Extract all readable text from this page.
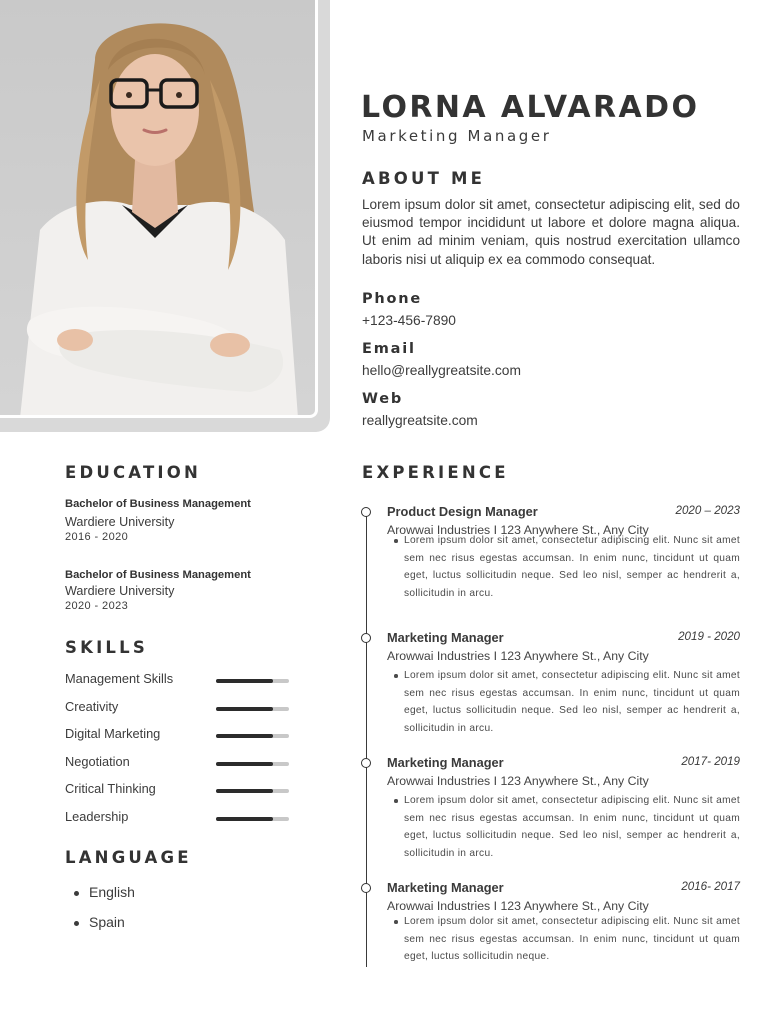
LORNA ALVARADO
Marketing Manager
ABOUT ME

Lorem ipsum dolor sit amet, consectetur adipiscing elit, sed do eiusmod tempor incididunt ut labore et dolore magna aliqua. Ut enim ad minim veniam, quis nostrud exercitation ullamco laboris nisi ut aliquip ex ea commodo consequat.

Phone
+123-456-7890
Email
hello@reallygreatsite.com
Web
reallygreatsite.com
EDUCATION
Bachelor of Business Management
Wardiere University
2016 - 2020
Bachelor of Business Management
Wardiere University
2020 - 2023
SKILLS
Management Skills
Creativity
Digital Marketing
Negotiation
Critical Thinking
Leadership
LANGUAGE
English
Spain
EXPERIENCE
Product Design Manager	2020 – 2023
Arowwai Industries I 123 Anywhere St., Any City

Lorem ipsum dolor sit amet, consectetur adipiscing elit. Nunc sit amet sem nec risus egestas accumsan. In enim nunc, tincidunt ut quam eget, luctus sollicitudin neque. Sed leo nisl, semper ac hendrerit a, sollicitudin in arcu.

Marketing Manager	2019 - 2020
Arowwai Industries I 123 Anywhere St., Any City

Lorem ipsum dolor sit amet, consectetur adipiscing elit. Nunc sit amet sem nec risus egestas accumsan. In enim nunc, tincidunt ut quam eget, luctus sollicitudin neque. Sed leo nisl, semper ac hendrerit a, sollicitudin in arcu.

Marketing Manager	2017- 2019
Arowwai Industries I 123 Anywhere St., Any City

Lorem ipsum dolor sit amet, consectetur adipiscing elit. Nunc sit amet sem nec risus egestas accumsan. In enim nunc, tincidunt ut quam eget, luctus sollicitudin neque. Sed leo nisl, semper ac hendrerit a, sollicitudin in arcu.

Marketing Manager	2016- 2017
Arowwai Industries I 123 Anywhere St., Any City

Lorem ipsum dolor sit amet, consectetur adipiscing elit. Nunc sit amet sem nec risus egestas accumsan. In enim nunc, tincidunt ut quam eget, luctus sollicitudin neque.
